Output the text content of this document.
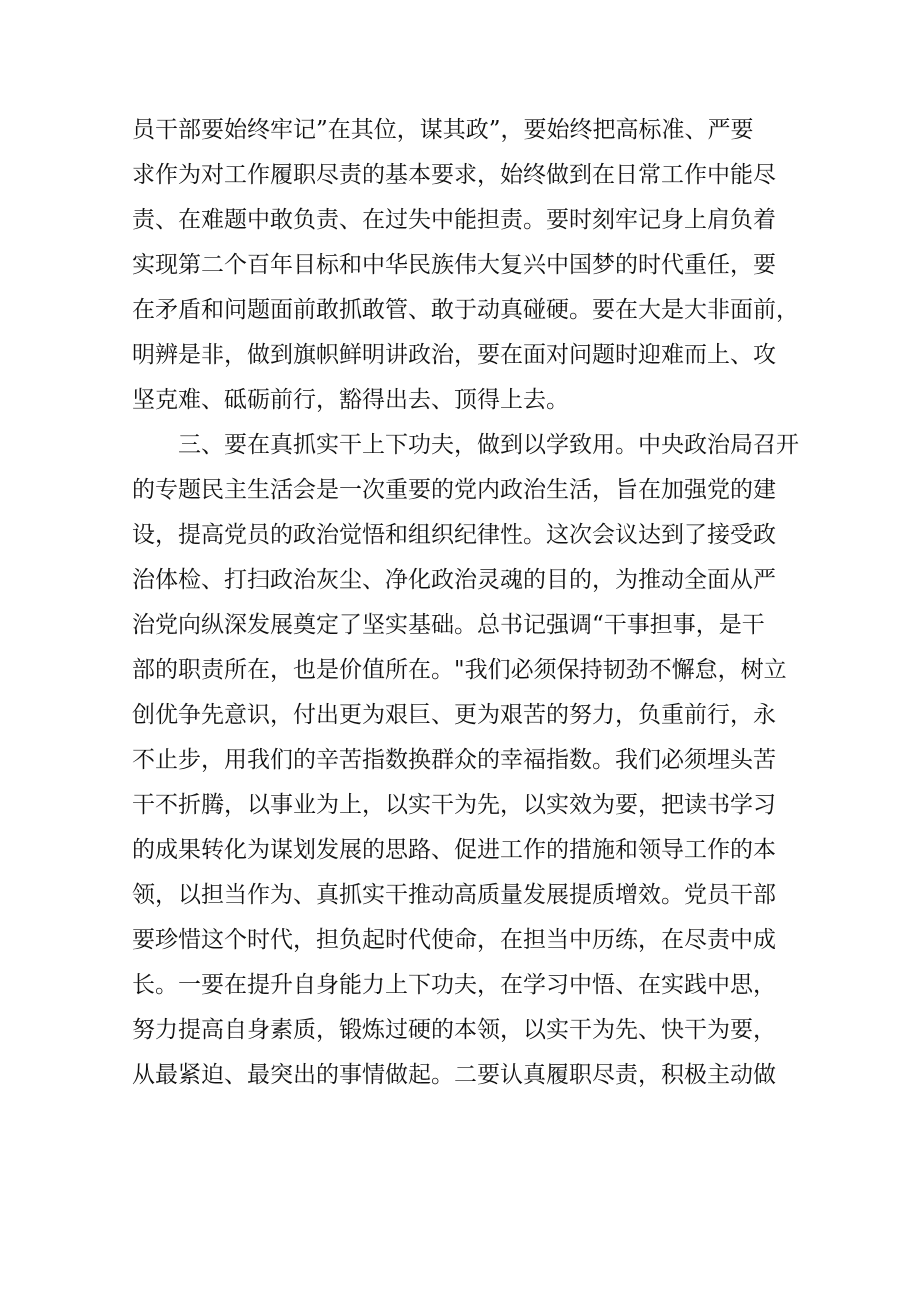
员干部要始终牢记”在其位，谋其政”，要始终把高标准、严要
求作为对工作履职尽责的基本要求，始终做到在日常工作中能尽
责、在难题中敢负责、在过失中能担责。要时刻牢记身上肩负着
实现第二个百年目标和中华民族伟大复兴中国梦的时代重任，要
在矛盾和问题面前敢抓敢管、敢于动真碰硬。要在大是大非面前，
明辨是非，做到旗帜鲜明讲政治，要在面对问题时迎难而上、攻
坚克难、砥砺前行，豁得出去、顶得上去。
三、要在真抓实干上下功夫，做到以学致用。中央政治局召开
的专题民主生活会是一次重要的党内政治生活，旨在加强党的建
设，提高党员的政治觉悟和组织纪律性。这次会议达到了接受政
治体检、打扫政治灰尘、净化政治灵魂的目的，为推动全面从严
治党向纵深发展奠定了坚实基础。总书记强调“干事担事，是干
部的职责所在，也是价值所在。"我们必须保持韧劲不懈怠，树立
创优争先意识，付出更为艰巨、更为艰苦的努力，负重前行，永
不止步，用我们的辛苦指数换群众的幸福指数。我们必须埋头苦
干不折腾，以事业为上，以实干为先，以实效为要，把读书学习
的成果转化为谋划发展的思路、促进工作的措施和领导工作的本
领，以担当作为、真抓实干推动高质量发展提质增效。党员干部
要珍惜这个时代，担负起时代使命，在担当中历练，在尽责中成
长。一要在提升自身能力上下功夫，在学习中悟、在实践中思，
努力提高自身素质，锻炼过硬的本领，以实干为先、快干为要，
从最紧迫、最突出的事情做起。二要认真履职尽责，积极主动做
